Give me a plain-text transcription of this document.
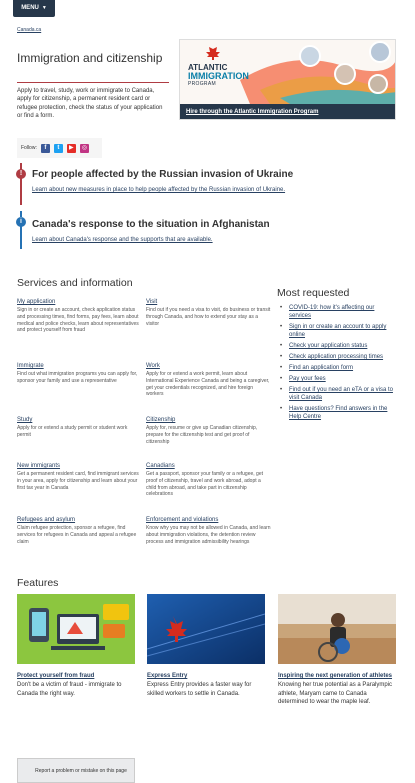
MENU ▼
Canada.ca
Immigration and citizenship

Apply to travel, study, work or immigrate to Canada, apply for citizenship, a permanent resident card or refugee protection, check the status of your application or find a form.

ATLANTIC
IMMIGRATION
PROGRAM
Hire through the Atlantic Immigration Program
Follow:	f	t	▶	◎
! For people affected by the Russian invasion of Ukraine
Learn about new measures in place to help people affected by the Russian invasion of Ukraine.
i	Canada's response to the situation in Afghanistan
Learn about Canada's response and the supports that are available.
Services and information
My application

Sign in or create an account, check application status and processing times, find forms, pay fees, learn about medical and police checks, learn about representatives and protect yourself from fraud

Visit

Find out if you need a visa to visit, do business or transit through Canada, and how to extend your stay as a visitor

Immigrate

Find out what immigration programs you can apply for, sponsor your family and use a representative

Work

Apply for or extend a work permit, learn about International Experience Canada and being a caregiver, get your credentials recognized, and hire foreign workers

Study

Apply for or extend a study permit or student work permit

Citizenship

Apply for, resume or give up Canadian citizenship, prepare for the citizenship test and get proof of citizenship

New immigrants

Get a permanent resident card, find immigrant services in your area, apply for citizenship and learn about your first tax year in Canada

Canadians

Get a passport, sponsor your family or a refugee, get proof of citizenship, travel and work abroad, adopt a child from abroad, and take part in citizenship celebrations

Refugees and asylum

Claim refugee protection, sponsor a refugee, find services for refugees in Canada and appeal a refugee claim

Enforcement and violations

Know why you may not be allowed in Canada, and learn about immigration violations, the detention review process and immigration admissibility hearings

Most requested
• COVID-19: how it's affecting our services
• Sign in or create an account to apply online
• Check your application status
• Check application processing times
• Find an application form
• Pay your fees
• Find out if you need an eTA or a visa to visit Canada
• Have questions? Find answers in the Help Centre
Features
Protect yourself from fraud

Don't be a victim of fraud - immigrate to Canada the right way.

Express Entry

Express Entry provides a faster way for skilled workers to settle in Canada.

Inspiring the next generation of athletes

Knowing her true potential as a Paralympic athlete, Maryam came to Canada determined to wear the maple leaf.

Report a problem or mistake on this page
